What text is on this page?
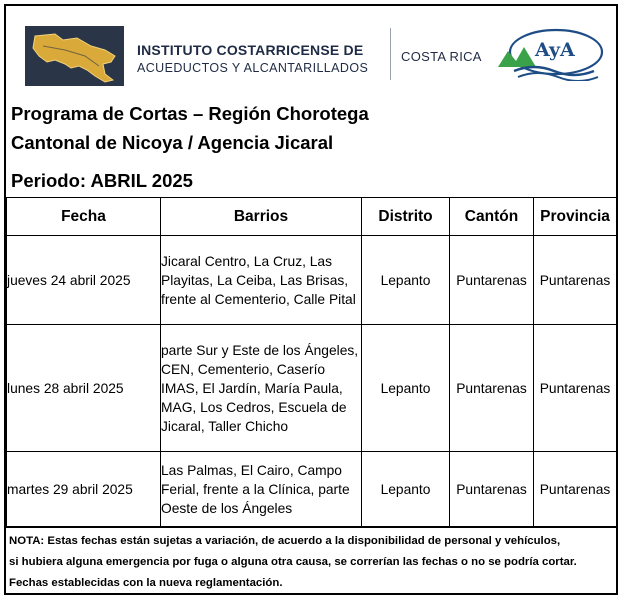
INSTITUTO COSTARRICENSE DE
ACUEDUCTOS Y ALCANTARILLADOS
COSTA RICA	AyA
Programa de Cortas – Región Chorotega
Cantonal de Nicoya / Agencia Jicaral
Periodo: ABRIL 2025
Fecha	Barrios	Distrito	Cantón	Provincia
jueves 24 abril 2025	Jicaral Centro, La Cruz, Las Playitas, La Ceiba, Las Brisas, frente al Cementerio, Calle Pital	Lepanto	Puntarenas	Puntarenas
lunes 28 abril 2025	parte Sur y Este de los Ángeles, CEN, Cementerio, Caserío IMAS, El Jardín, María Paula, MAG, Los Cedros, Escuela de Jicaral, Taller Chicho	Lepanto	Puntarenas	Puntarenas
martes 29 abril 2025	Las Palmas, El Cairo, Campo Ferial, frente a la Clínica, parte Oeste de los Ángeles	Lepanto	Puntarenas	Puntarenas
NOTA: Estas fechas están sujetas a variación, de acuerdo a la disponibilidad de personal y vehículos,
si hubiera alguna emergencia por fuga o alguna otra causa, se correrían las fechas o no se podría cortar.
Fechas establecidas con la nueva reglamentación.
